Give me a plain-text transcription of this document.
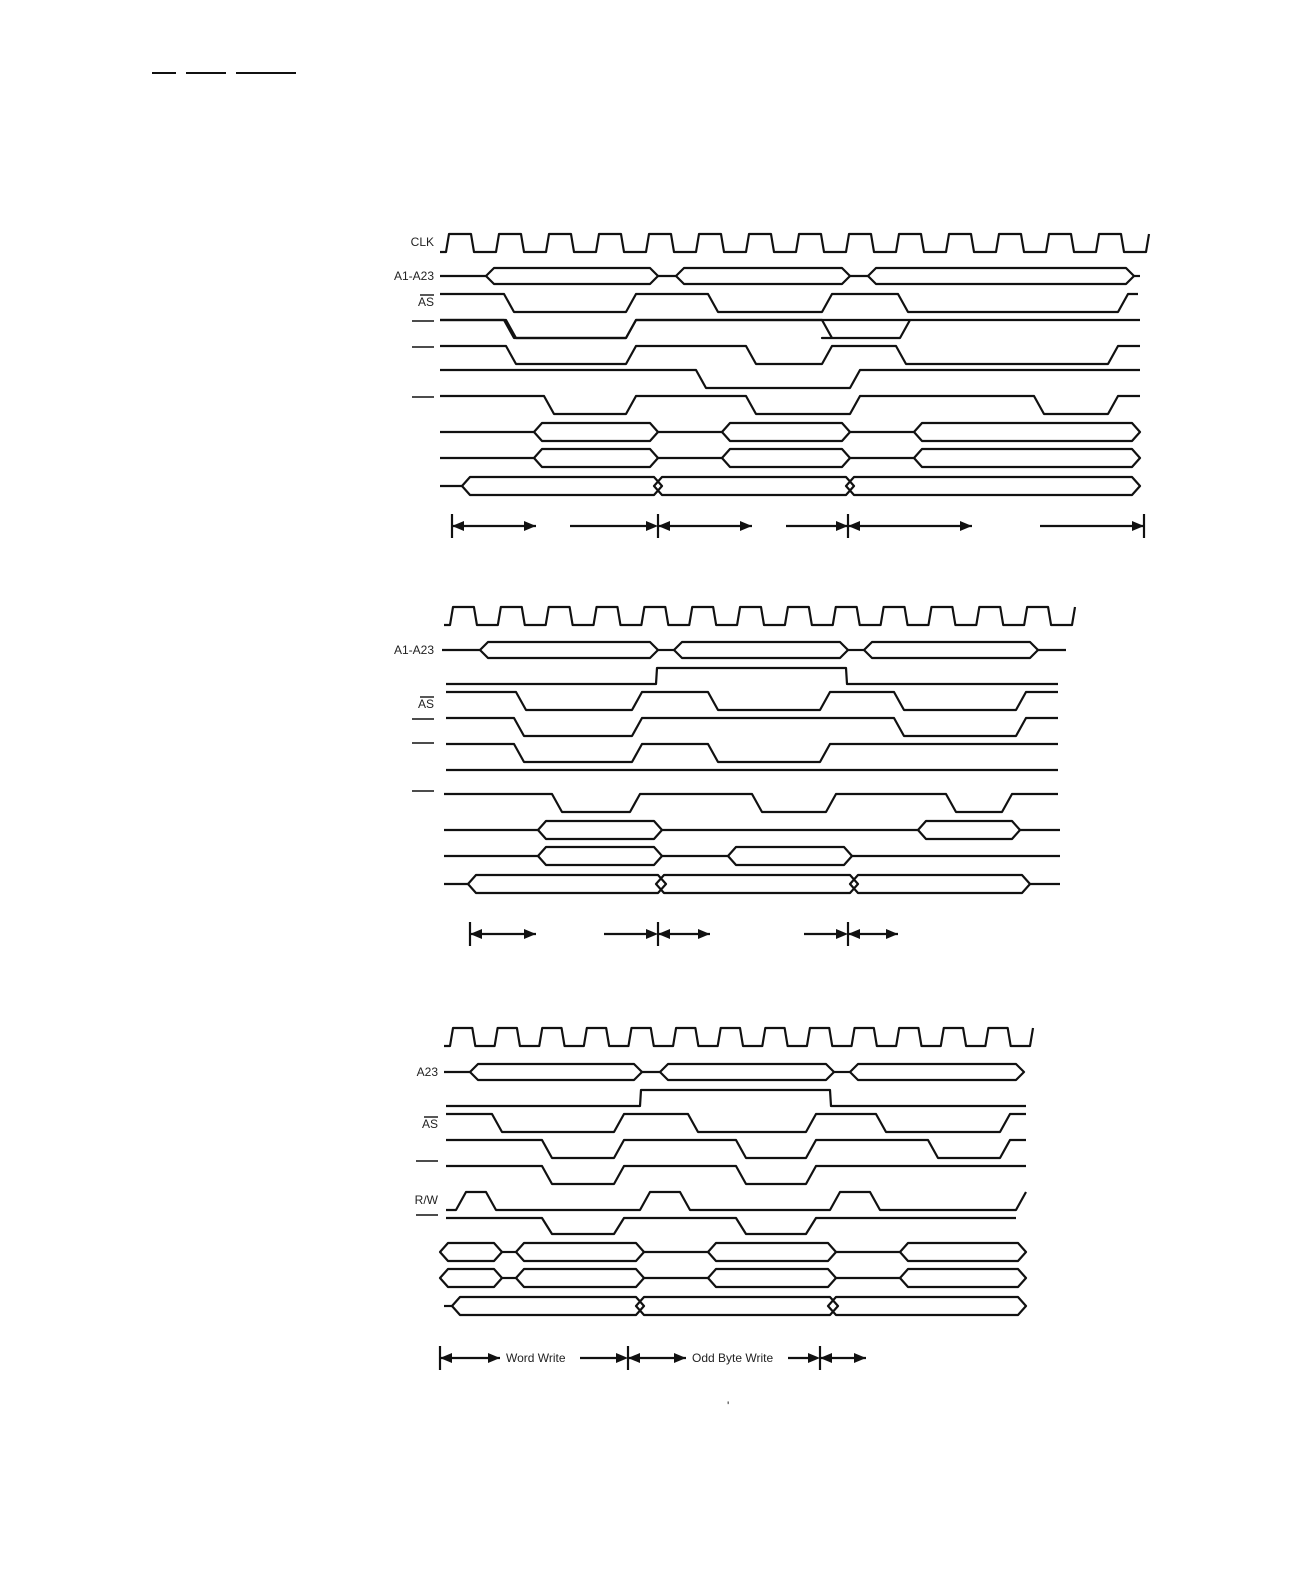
'
CLK
A1-A23
AS
A1-A23
AS
A23
AS
R/W
Word Write	Odd Byte Write
